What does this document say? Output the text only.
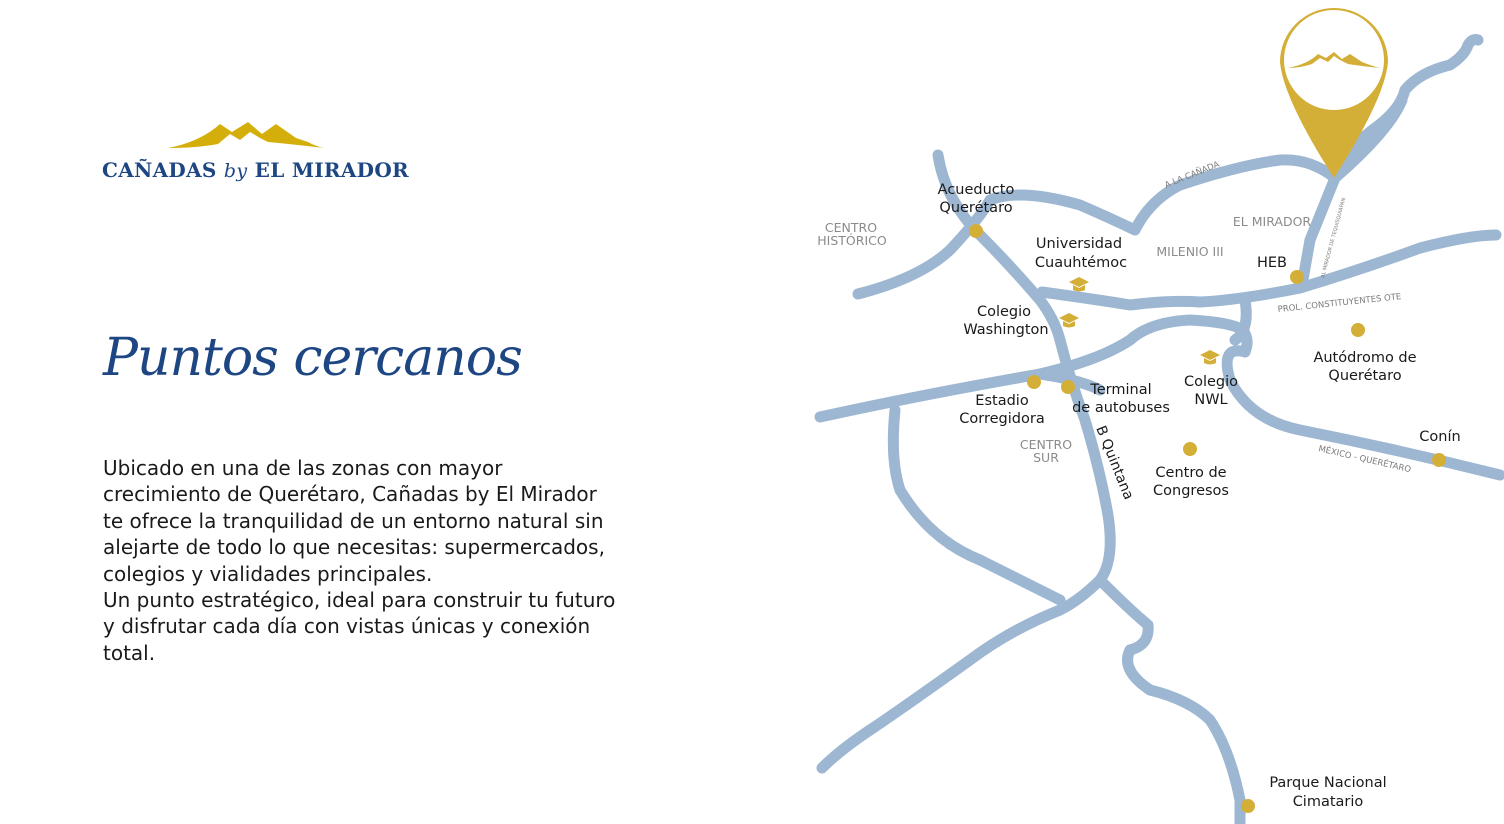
CAÑADAS by EL MIRADOR
Puntos cercanos

Ubicado en una de las zonas con mayor crecimiento de Querétaro, Cañadas by El Mirador te ofrece la tranquilidad de un entorno natural sin alejarte de todo lo que necesitas: supermercados, colegios y vialidades principales.

Un punto estratégico, ideal para construir tu futuro y disfrutar cada día con vistas únicas y conexión total.

Acueducto
Querétaro
Universidad
Cuauhtémoc
Colegio
Washington
Estadio
Corregidora
Terminal
de autobuses
Colegio
NWL
HEB
Autódromo de
Querétaro
Conín
Centro de
Congresos
Parque Nacional
Cimatario
CENTRO
HISTÓRICO
MILENIO III
EL MIRADOR
CENTRO
SUR
A LA CAÑADA
PROL. CONSTITUYENTES OTE
MÉXICO - QUERÉTARO
AL MIRADOR DE TEQUISQUIAPAN
B Quintana
